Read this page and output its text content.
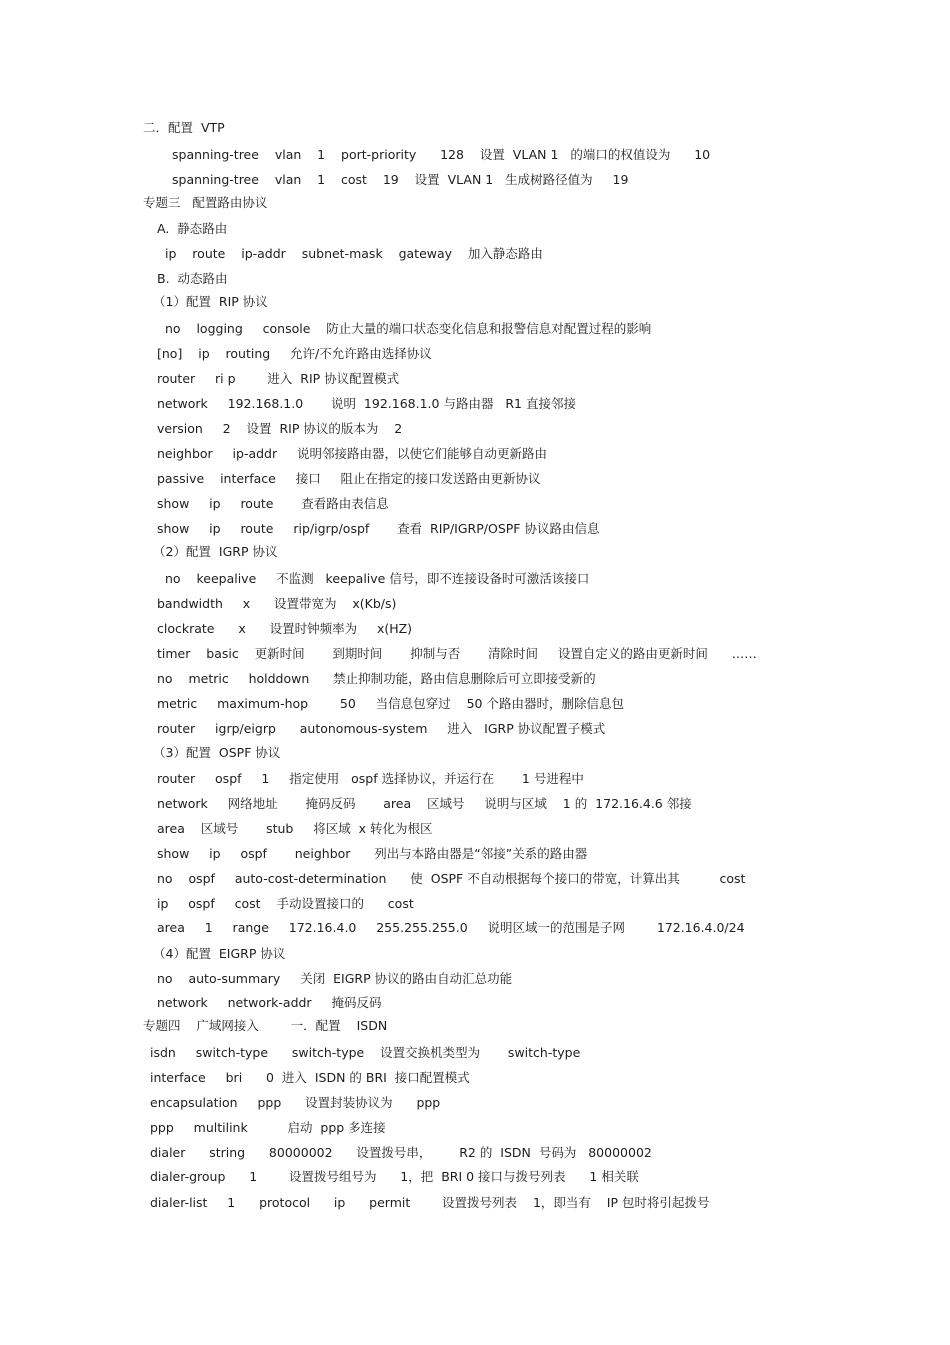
二．配置  VTP

spanning-tree    vlan    1    port-priority      128    设置  VLAN 1   的端口的权值设为      10

spanning-tree    vlan    1    cost    19    设置  VLAN 1   生成树路径值为     19

专题三   配置路由协议

A.  静态路由

ip    route    ip-addr    subnet-mask    gateway    加入静态路由

B.  动态路由

（1）配置  RIP 协议

no    logging     console    防止大量的端口状态变化信息和报警信息对配置过程的影响

[no]    ip    routing     允许/不允许路由选择协议

router     ri p        进入  RIP 协议配置模式

network     192.168.1.0       说明  192.168.1.0 与路由器   R1 直接邻接

version     2    设置  RIP 协议的版本为    2

neighbor     ip-addr     说明邻接路由器，以使它们能够自动更新路由

passive    interface     接口     阻止在指定的接口发送路由更新协议

show     ip     route       查看路由表信息

show     ip     route     rip/igrp/ospf       查看  RIP/IGRP/OSPF 协议路由信息

（2）配置  IGRP 协议

no    keepalive     不监测   keepalive 信号，即不连接设备时可激活该接口

bandwidth     x      设置带宽为    x(Kb/s)

clockrate      x      设置时钟频率为     x(HZ)

timer    basic    更新时间       到期时间       抑制与否       清除时间     设置自定义的路由更新时间      ……

no    metric     holddown      禁止抑制功能，路由信息删除后可立即接受新的

metric     maximum-hop        50     当信息包穿过    50 个路由器时，删除信息包

router     igrp/eigrp      autonomous-system     进入   IGRP 协议配置子模式

（3）配置  OSPF 协议

router     ospf     1     指定使用   ospf 选择协议，并运行在       1 号进程中

network     网络地址       掩码反码       area    区域号     说明与区域    1 的  172.16.4.6 邻接

area    区域号       stub     将区域  x 转化为根区

show     ip     ospf       neighbor      列出与本路由器是“邻接”关系的路由器

no    ospf     auto-cost-determination      使  OSPF 不自动根据每个接口的带宽，计算出其          cost

ip     ospf     cost    手动设置接口的      cost

area     1     range     172.16.4.0     255.255.255.0     说明区域一的范围是子网        172.16.4.0/24

（4）配置  EIGRP 协议

no    auto-summary     关闭  EIGRP 协议的路由自动汇总功能

network     network-addr     掩码反码

专题四    广域网接入        一．配置    ISDN

isdn     switch-type      switch-type    设置交换机类型为       switch-type

interface     bri      0  进入  ISDN 的 BRI  接口配置模式

encapsulation     ppp      设置封装协议为      ppp

ppp     multilink          启动  ppp 多连接

dialer      string      80000002      设置拨号串，       R2 的  ISDN  号码为   80000002

dialer-group      1        设置拨号组号为      1，把  BRI 0 接口与拨号列表      1 相关联

dialer-list     1      protocol      ip      permit        设置拨号列表    1，即当有    IP 包时将引起拨号
